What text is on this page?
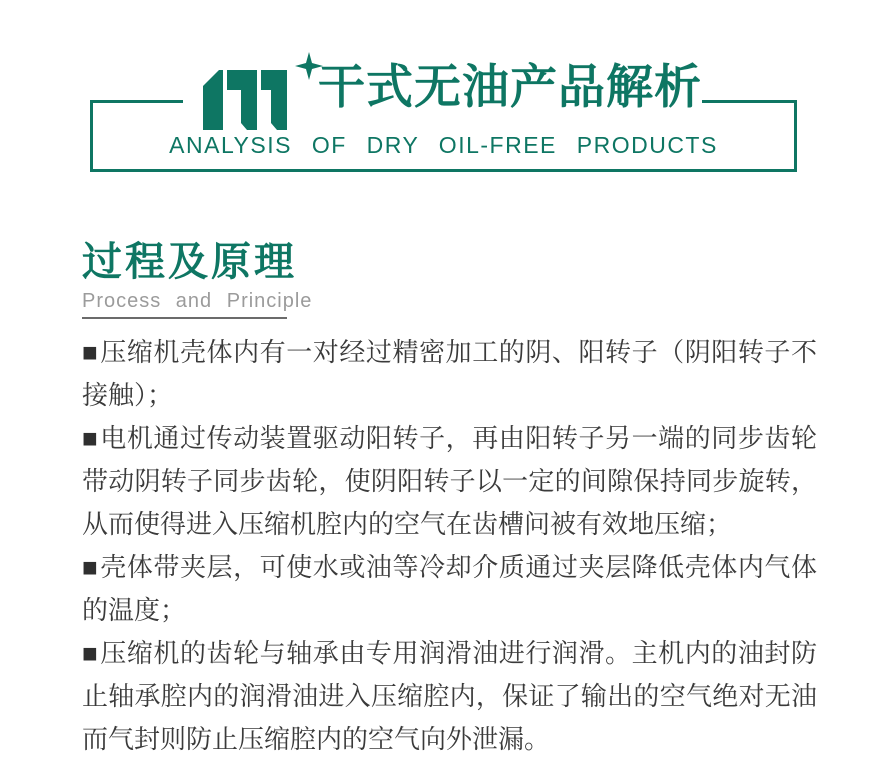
干式无油产品解析
ANALYSIS OF DRY OIL-FREE PRODUCTS
过程及原理
Process and Principle

■压缩机壳体内有一对经过精密加工的阴、阳转子（阴阳转子不接触）；

■电机通过传动装置驱动阳转子，再由阳转子另一端的同步齿轮带动阴转子同步齿轮，使阴阳转子以一定的间隙保持同步旋转，从而使得进入压缩机腔内的空气在齿槽问被有效地压缩；

■壳体带夹层，可使水或油等冷却介质通过夹层降低壳体内气体的温度；

■压缩机的齿轮与轴承由专用润滑油进行润滑。主机内的油封防止轴承腔内的润滑油进入压缩腔内，保证了输出的空气绝对无油而气封则防止压缩腔内的空气向外泄漏。
